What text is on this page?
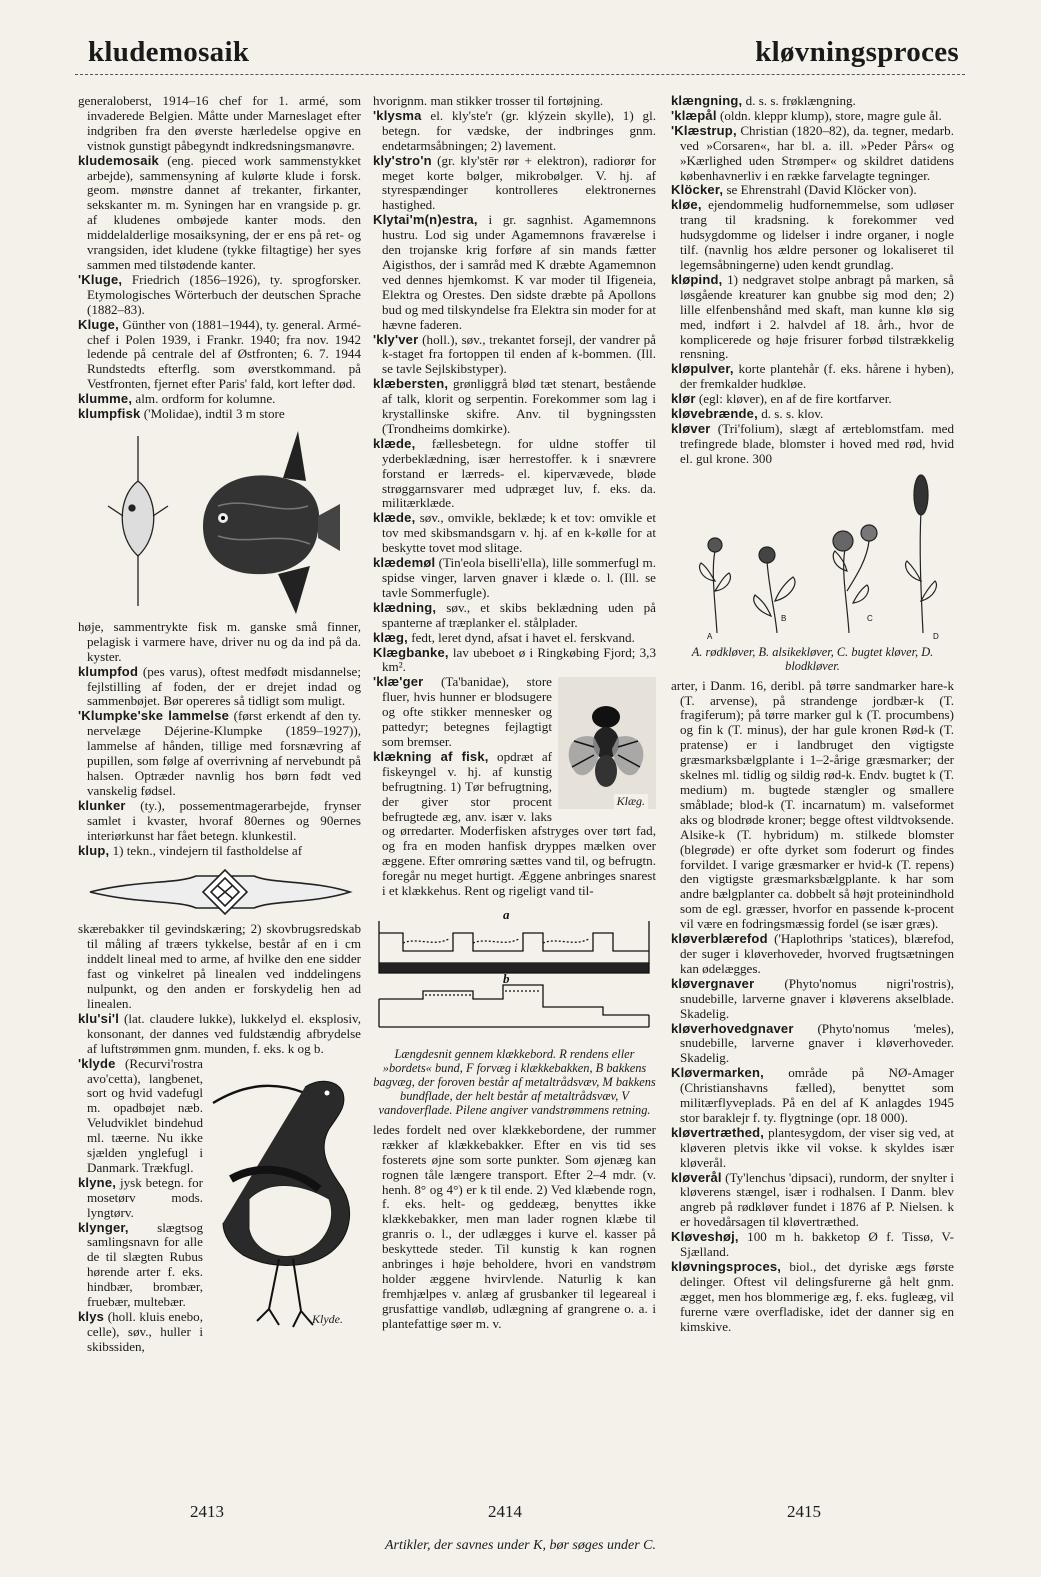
kludemosaik	kløvningsproces

generaloberst, 1914–16 chef for 1. armé, som invaderede Belgien. Måtte under Marneslaget efter indgriben fra den øverste hærledelse opgive en vistnok gunstigt påbegyndt indkredsningsmanøvre.

kludemosaik (eng. pieced work sammenstykket arbejde), sammensyning af kulørte klude i forsk. geom. mønstre dannet af trekanter, firkanter, sekskanter m. m. Syningen har en vrangside p. gr. af kludenes ombøjede kanter mods. den middelalderlige mosaiksyning, der er ens på ret- og vrangsiden, idet kludene (tykke filtagtige) her syes sammen med tilstødende kanter.

'Kluge, Friedrich (1856–1926), ty. sprogforsker. Etymologisches Wörterbuch der deutschen Sprache (1882–83).

Kluge, Günther von (1881–1944), ty. general. Armé-chef i Polen 1939, i Frankr. 1940; fra nov. 1942 ledende på centrale del af Østfronten; 6. 7. 1944 Rundstedts efterflg. som øverstkommand. på Vestfronten, fjernet efter Paris' fald, kort lefter død.

klumme, alm. ordform for kolumne.

klumpfisk ('Molidae), indtil 3 m store

høje, sammentrykte fisk m. ganske små finner, pelagisk i varmere have, driver nu og da ind på da. kyster.

klumpfod (pes varus), oftest medfødt misdannelse; fejlstilling af foden, der er drejet indad og sammenbøjet. Bør opereres så tidligt som muligt.

'Klumpke'ske lammelse (først erkendt af den ty. nervelæge Déjerine-Klumpke (1859–1927)), lammelse af hånden, tillige med forsnævring af pupillen, som følge af overrivning af nervebundt på halsen. Optræder navnlig hos børn født ved vanskelig fødsel.

klunker (ty.), possementmagerarbejde, frynser samlet i kvaster, hvoraf 80ernes og 90ernes interiørkunst har fået betegn. klunkestil.

klup, 1) tekn., vindejern til fastholdelse af

skærebakker til gevindskæring; 2) skovbrugsredskab til måling af træers tykkelse, består af en i cm inddelt lineal med to arme, af hvilke den ene sidder fast og vinkelret på linealen ved inddelingens nulpunkt, og den anden er forskydelig hen ad linealen.

klu'si'l (lat. claudere lukke), lukkelyd el. eksplosiv, konsonant, der dannes ved fuldstændig afbrydelse af luftstrømmen gnm. munden, f. eks. k og b.

Klyde.

'klyde (Recurvi'rostra avo'cetta), langbenet, sort og hvid vadefugl m. opadbøjet næb. Veludviklet bindehud ml. tæerne. Nu ikke sjælden ynglefugl i Danmark. Trækfugl.

klyne, jysk betegn. for mosetørv mods. lyngtørv.

klynger, slægtsog samlingsnavn for alle de til slægten Rubus hørende arter f. eks. hindbær, brombær, fruebær, multebær.

klys (holl. kluis enebo, celle), søv., huller i skibssiden,

hvorignm. man stikker trosser til fortøjning.

'klysma el. kly'ste'r (gr. klýzein skylle), 1) gl. betegn. for vædske, der indbringes gnm. endetarmsåbningen; 2) lavement.

kly'stro'n (gr. kly'stēr rør + elektron), radiorør for meget korte bølger, mikrobølger. V. hj. af styrespændinger kontrolleres elektronernes hastighed.

Klytai'm(n)estra, i gr. sagnhist. Agamemnons hustru. Lod sig under Agamemnons fraværelse i den trojanske krig forføre af sin mands fætter Aigisthos, der i samråd med K dræbte Agamemnon ved dennes hjemkomst. K var moder til Ifigeneia, Elektra og Orestes. Den sidste dræbte på Apollons bud og med tilskyndelse fra Elektra sin moder for at hævne faderen.

'kly'ver (holl.), søv., trekantet forsejl, der vandrer på k-staget fra fortoppen til enden af k-bommen. (Ill. se tavle Sejlskibstyper).

klæbersten, grønliggrå blød tæt stenart, bestående af talk, klorit og serpentin. Forekommer som lag i krystallinske skifre. Anv. til bygningssten (Trondheims domkirke).

klæde, fællesbetegn. for uldne stoffer til yderbeklædning, især herrestoffer. k i snævrere forstand er lærreds- el. kipervævede, bløde strøggarnsvarer med udpræget luv, f. eks. da. militærklæde.

klæde, søv., omvikle, beklæde; k et tov: omvikle et tov med skibsmandsgarn v. hj. af en k-kølle for at beskytte tovet mod slitage.

klædemøl (Tin'eola biselli'ella), lille sommerfugl m. spidse vinger, larven gnaver i klæde o. l. (Ill. se tavle Sommerfugle).

klædning, søv., et skibs beklædning uden på spanterne af træplanker el. stålplader.

klæg, fedt, leret dynd, afsat i havet el. ferskvand.

Klægbanke, lav ubeboet ø i Ringkøbing Fjord; 3,3 km².

Klæg.

'klæ'ger (Ta'banidae), store fluer, hvis hunner er blodsugere og ofte stikker mennesker og pattedyr; betegnes fejlagtigt som bremser.

klækning af fisk, opdræt af fiskeyngel v. hj. af kunstig befrugtning. 1) Tør befrugtning, der giver stor procent befrugtede æg, anv. især v. laks og ørredarter. Moderfisken afstryges over tørt fad, og fra en moden hanfisk dryppes mælken over æggene. Efter omrøring sættes vand til, og befrugtn. foregår nu meget hurtigt. Æggene anbringes snarest i et klækkehus. Rent og rigeligt vand til-

a
b

Længdesnit gennem klækkebord. R rendens eller »bordets« bund, F forvæg i klækkebakken, B bakkens bagvæg, der foroven består af metaltrådsvæv, M bakkens bundflade, der helt består af metaltrådsvæv, V vandoverflade. Pilene angiver vandstrømmens retning.

ledes fordelt ned over klækkebordene, der rummer rækker af klækkebakker. Efter en vis tid ses fosterets øjne som sorte punkter. Som øjenæg kan rognen tåle længere transport. Efter 2–4 mdr. (v. henh. 8° og 4°) er k til ende. 2) Ved klæbende rogn, f. eks. helt- og geddeæg, benyttes ikke klækkebakker, men man lader rognen klæbe til granris o. l., der udlægges i kurve el. kasser på beskyttede steder. Til kunstig k kan rognen anbringes i høje beholdere, hvori en vandstrøm holder æggene hvirvlende. Naturlig k kan fremhjælpes v. anlæg af grusbanker til legeareal i grusfattige vandløb, udlægning af grangrene o. a. i plantefattige søer m. v.

klængning, d. s. s. frøklængning.

'klæpål (oldn. kleppr klump), store, magre gule ål.

'Klæstrup, Christian (1820–82), da. tegner, medarb. ved »Corsaren«, har bl. a. ill. »Peder Pårs« og »Kærlighed uden Strømper« og skildret datidens københavnerliv i en række farvelagte tegninger.

Klöcker, se Ehrenstrahl (David Klöcker von).

kløe, ejendommelig hudfornemmelse, som udløser trang til kradsning. k forekommer ved hudsygdomme og lidelser i indre organer, i nogle tilf. (navnlig hos ældre personer og lokaliseret til legemsåbningerne) uden kendt grundlag.

kløpind, 1) nedgravet stolpe anbragt på marken, så løsgående kreaturer kan gnubbe sig mod den; 2) lille elfenbenshånd med skaft, man kunne klø sig med, indført i 2. halvdel af 18. årh., hvor de komplicerede og høje frisurer forbød tilstrækkelig rensning.

kløpulver, korte plantehår (f. eks. hårene i hyben), der fremkalder hudkløe.

klør (egl: kløver), en af de fire kortfarver.

kløvebrænde, d. s. s. klov.

kløver (Tri'folium), slægt af ærteblomstfam. med trefingrede blade, blomster i hoved med rød, hvid el. gul krone. 300

A
B	C
D

A. rødkløver, B. alsikekløver, C. bugtet kløver, D. blodkløver.

arter, i Danm. 16, deribl. på tørre sandmarker hare-k (T. arvense), på strandenge jordbær-k (T. fragiferum); på tørre marker gul k (T. procumbens) og fin k (T. minus), der har gule kronen Rød-k (T. pratense) er i landbruget den vigtigste græsmarksbælgplante i 1–2-årige græsmarker; der skelnes ml. tidlig og sildig rød-k. Endv. bugtet k (T. medium) m. bugtede stængler og smallere småblade; blod-k (T. incarnatum) m. valseformet aks og blodrøde kroner; begge oftest vildtvoksende. Alsike-k (T. hybridum) m. stilkede blomster (blegrøde) er ofte dyrket som foderurt og findes forvildet. I varige græsmarker er hvid-k (T. repens) den vigtigste græsmarksbælgplante. k har som andre bælgplanter ca. dobbelt så højt proteinindhold som de egl. græsser, hvorfor en passende k-procent vil være en fodringsmæssig fordel (se især græs).

kløverblærefod ('Haplothrips 'statices), blærefod, der suger i kløverhoveder, hvorved frugtsætningen kan ødelægges.

kløvergnaver (Phyto'nomus nigri'rostris), snudebille, larverne gnaver i kløverens akselblade. Skadelig.

kløverhovedgnaver (Phyto'nomus 'meles), snudebille, larverne gnaver i kløverhoveder. Skadelig.

Kløvermarken, område på NØ-Amager (Christianshavns fælled), benyttet som militærflyveplads. På en del af K anlagdes 1945 stor baraklejr f. ty. flygtninge (opr. 18 000).

kløvertræthed, plantesygdom, der viser sig ved, at kløveren pletvis ikke vil vokse. k skyldes især kløverål.

kløverål (Ty'lenchus 'dipsaci), rundorm, der snylter i kløverens stængel, især i rodhalsen. I Danm. blev angreb på rødkløver fundet i 1876 af P. Nielsen. k er hovedårsagen til kløvertræthed.

Kløveshøj, 100 m h. bakketop Ø f. Tissø, V-Sjælland.

kløvningsproces, biol., det dyriske ægs første delinger. Oftest vil delingsfurerne gå helt gnm. ægget, men hos blommerige æg, f. eks. fugleæg, vil furerne være overfladiske, idet der danner sig en kimskive.

2413	2414	2415
Artikler, der savnes under K, bør søges under C.
